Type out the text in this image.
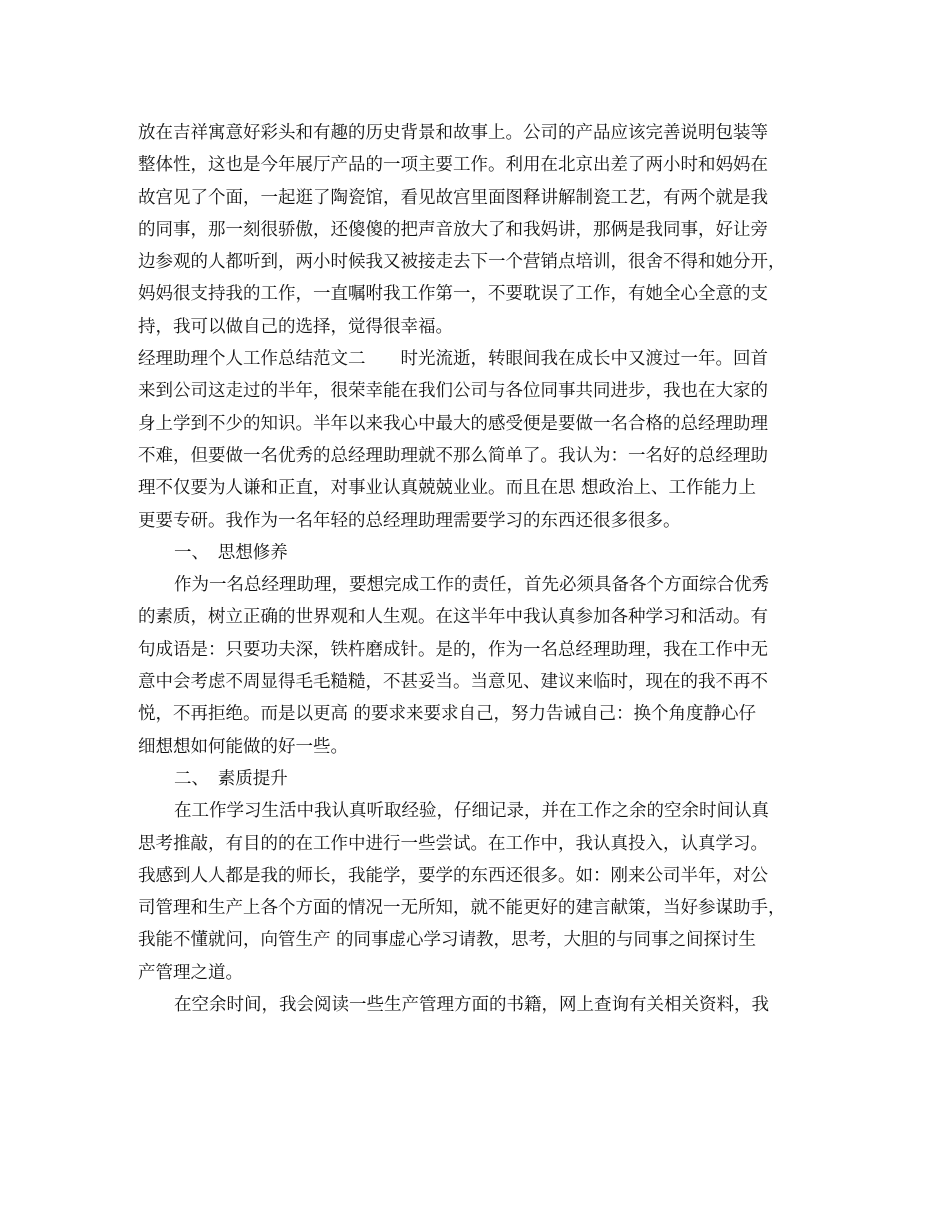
放在吉祥寓意好彩头和有趣的历史背景和故事上。公司的产品应该完善说明包装等
整体性，这也是今年展厅产品的一项主要工作。利用在北京出差了两小时和妈妈在
故宫见了个面，一起逛了陶瓷馆，看见故宫里面图释讲解制瓷工艺，有两个就是我
的同事，那一刻很骄傲，还傻傻的把声音放大了和我妈讲，那俩是我同事，好让旁
边参观的人都听到，两小时候我又被接走去下一个营销点培训，很舍不得和她分开，
妈妈很支持我的工作，一直嘱咐我工作第一，不要耽误了工作，有她全心全意的支
持，我可以做自己的选择，觉得很幸福。
经理助理个人工作总结范文二　　时光流逝，转眼间我在成长中又渡过一年。回首
来到公司这走过的半年，很荣幸能在我们公司与各位同事共同进步，我也在大家的
身上学到不少的知识。半年以来我心中最大的感受便是要做一名合格的总经理助理
不难，但要做一名优秀的总经理助理就不那么简单了。我认为：一名好的总经理助
理不仅要为人谦和正直，对事业认真兢兢业业。而且在思 想政治上、工作能力上
更要专研。我作为一名年轻的总经理助理需要学习的东西还很多很多。
一、　思想修养
作为一名总经理助理，要想完成工作的责任，首先必须具备各个方面综合优秀
的素质，树立正确的世界观和人生观。在这半年中我认真参加各种学习和活动。有
句成语是：只要功夫深，铁杵磨成针。是的，作为一名总经理助理，我在工作中无
意中会考虑不周显得毛毛糙糙，不甚妥当。当意见、建议来临时，现在的我不再不
悦，不再拒绝。而是以更高 的要求来要求自己，努力告诫自己：换个角度静心仔
细想想如何能做的好一些。
二、　素质提升
在工作学习生活中我认真听取经验，仔细记录，并在工作之余的空余时间认真
思考推敲，有目的的在工作中进行一些尝试。在工作中，我认真投入，认真学习。
我感到人人都是我的师长，我能学，要学的东西还很多。如：刚来公司半年，对公
司管理和生产上各个方面的情况一无所知，就不能更好的建言献策，当好参谋助手，
我能不懂就问，向管生产 的同事虚心学习请教，思考，大胆的与同事之间探讨生
产管理之道。
在空余时间，我会阅读一些生产管理方面的书籍，网上查询有关相关资料，我
